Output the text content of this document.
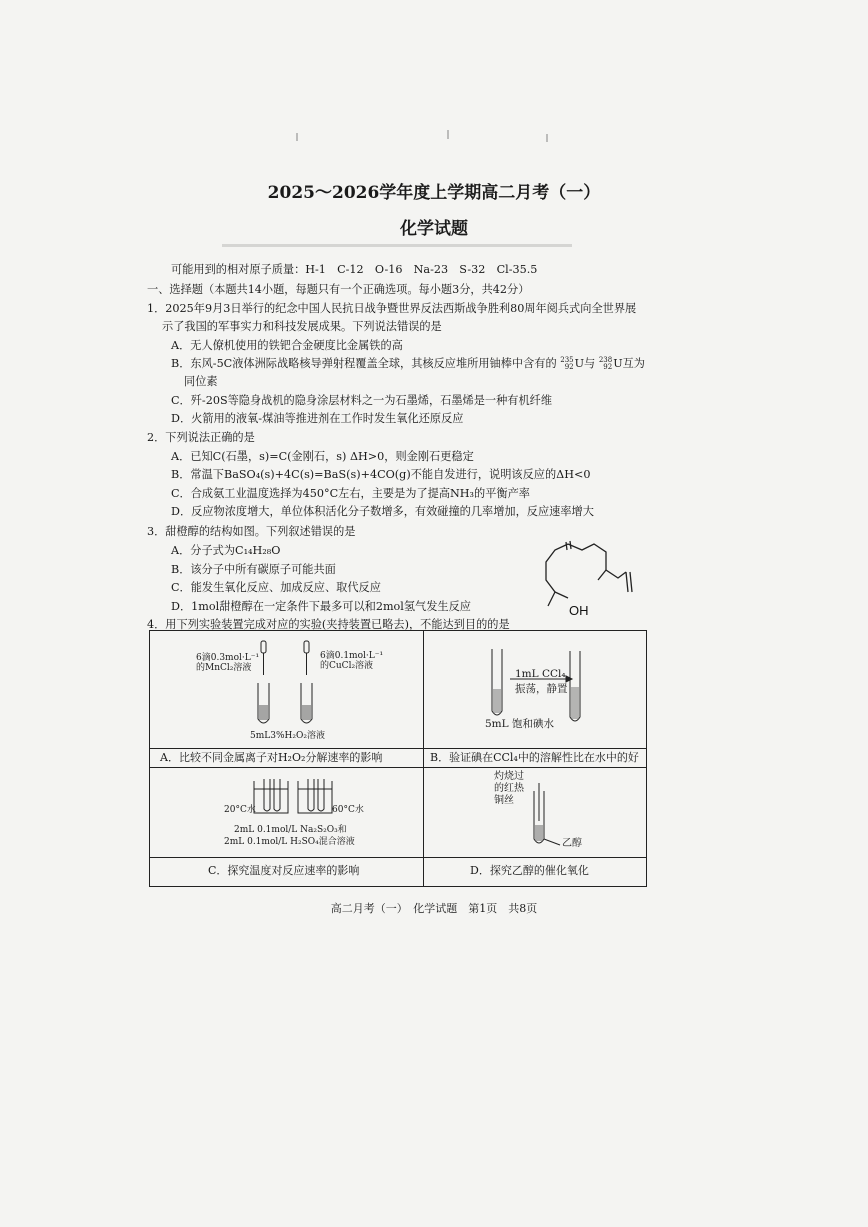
2025～2026学年度上学期高二月考（一）
化学试题
可能用到的相对原子质量：H-1　C-12　O-16　Na-23　S-32　Cl-35.5
一、选择题（本题共14小题，每题只有一个正确选项。每小题3分，共42分）
1．2025年9月3日举行的纪念中国人民抗日战争暨世界反法西斯战争胜利80周年阅兵式向全世界展
示了我国的军事实力和科技发展成果。下列说法错误的是
A．无人僚机使用的铁钯合金硬度比金属铁的高
B．东风-5C液体洲际战略核导弹射程覆盖全球，其核反应堆所用铀棒中含有的 235
92U与 238
92U互为
同位素
C．歼-20S等隐身战机的隐身涂层材料之一为石墨烯，石墨烯是一种有机纤维
D．火箭用的液氧-煤油等推进剂在工作时发生氧化还原反应
2．下列说法正确的是
A．已知C(石墨，s)=C(金刚石，s) ΔH>0，则金刚石更稳定
B．常温下BaSO₄(s)+4C(s)=BaS(s)+4CO(g)不能自发进行，说明该反应的ΔH<0
C．合成氨工业温度选择为450°C左右，主要是为了提高NH₃的平衡产率
D．反应物浓度增大，单位体积活化分子数增多，有效碰撞的几率增加，反应速率增大
3．甜橙醇的结构如图。下列叙述错误的是
A．分子式为C₁₄H₂₈O
B．该分子中所有碳原子可能共面
C．能发生氧化反应、加成反应、取代反应
D．1mol甜橙醇在一定条件下最多可以和2mol氢气发生反应	OH
4．用下列实验装置完成对应的实验(夹持装置已略去)，不能达到目的的是
6滴0.3mol·L⁻¹
的MnCl₂溶液
6滴0.1mol·L⁻¹
的CuCl₂溶液
5mL3%H₂O₂溶液
A．比较不同金属离子对H₂O₂分解速率的影响
1mL CCl₄
振荡，静置
5mL 饱和碘水
B．验证碘在CCl₄中的溶解性比在水中的好
20°C水	60°C水
2mL 0.1mol/L Na₂S₂O₃和
2mL 0.1mol/L H₂SO₄混合溶液
C．探究温度对反应速率的影响
灼烧过
的红热
铜丝
乙醇
D．探究乙醇的催化氧化
高二月考（一）　化学试题　第1页　共8页
